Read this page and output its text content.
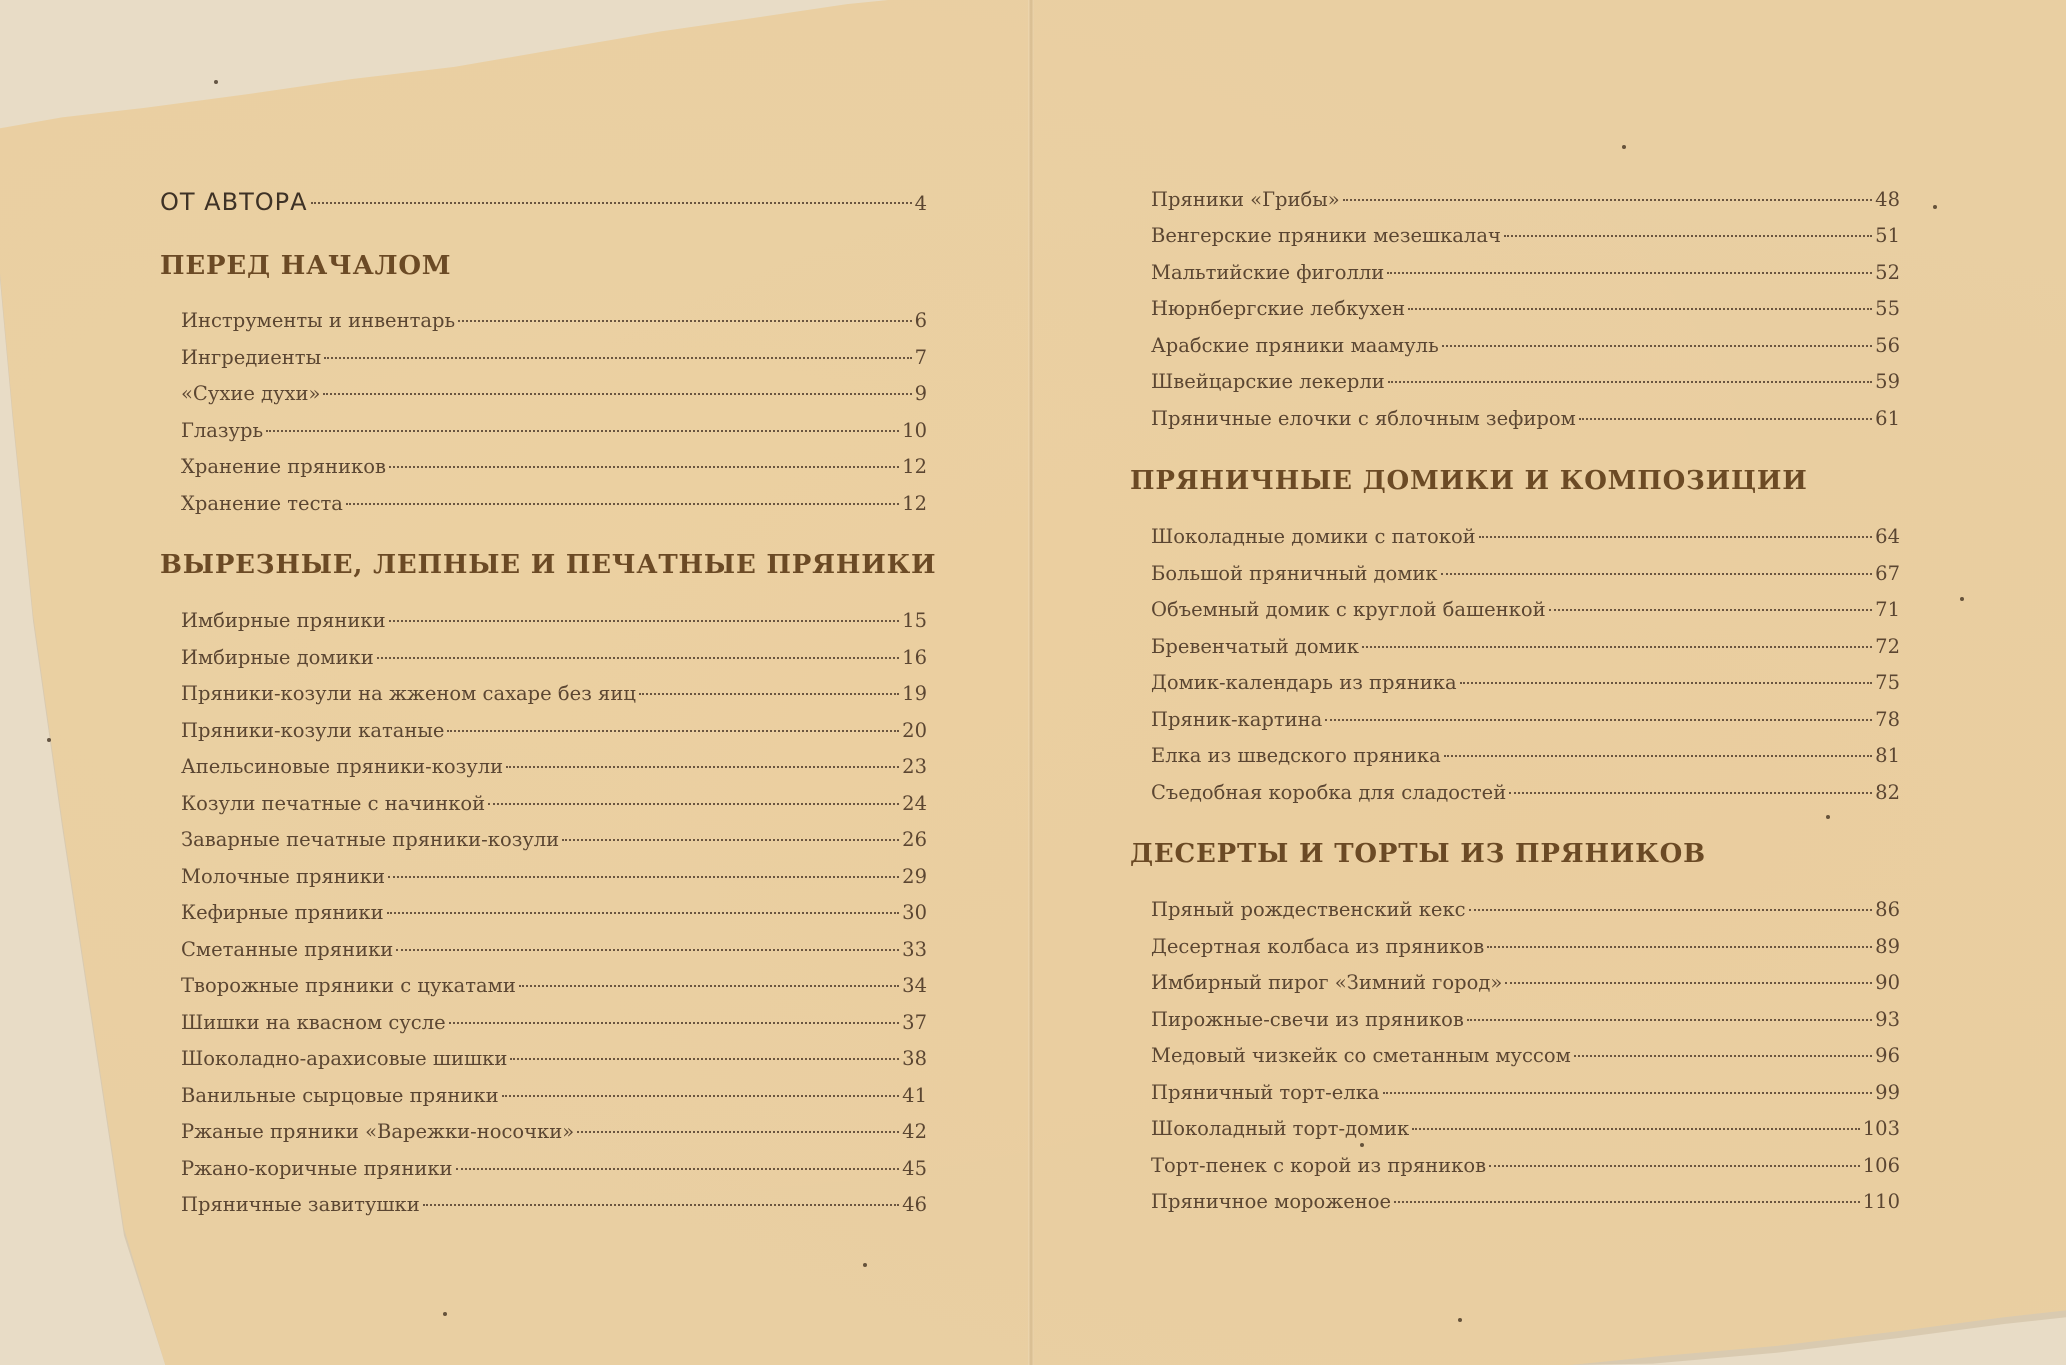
ОТ АВТОРА	4
ПЕРЕД НАЧАЛОМ
Инструменты и инвентарь	6
Ингредиенты	7
«Сухие духи»	9
Глазурь	10
Хранение пряников	12
Хранение теста	12
ВЫРЕЗНЫЕ, ЛЕПНЫЕ И ПЕЧАТНЫЕ ПРЯНИКИ
Имбирные пряники	15
Имбирные домики	16
Пряники-козули на жженом сахаре без яиц	19
Пряники-козули катаные	20
Апельсиновые пряники-козули	23
Козули печатные с начинкой	24
Заварные печатные пряники-козули	26
Молочные пряники	29
Кефирные пряники	30
Сметанные пряники	33
Творожные пряники с цукатами	34
Шишки на квасном сусле	37
Шоколадно-арахисовые шишки	38
Ванильные сырцовые пряники	41
Ржаные пряники «Варежки-носочки»	42
Ржано-коричные пряники	45
Пряничные завитушки	46
Пряники «Грибы»	48
Венгерские пряники мезешкалач	51
Мальтийские фиголли	52
Нюрнбергские лебкухен	55
Арабские пряники маамуль	56
Швейцарские лекерли	59
Пряничные елочки с яблочным зефиром	61
ПРЯНИЧНЫЕ ДОМИКИ И КОМПОЗИЦИИ
Шоколадные домики с патокой	64
Большой пряничный домик	67
Объемный домик с круглой башенкой	71
Бревенчатый домик	72
Домик-календарь из пряника	75
Пряник-картина	78
Елка из шведского пряника	81
Съедобная коробка для сладостей	82
ДЕСЕРТЫ И ТОРТЫ ИЗ ПРЯНИКОВ
Пряный рождественский кекс	86
Десертная колбаса из пряников	89
Имбирный пирог «Зимний город»	90
Пирожные-свечи из пряников	93
Медовый чизкейк со сметанным муссом	96
Пряничный торт-елка	99
Шоколадный торт-домик	103
Торт-пенек с корой из пряников	106
Пряничное мороженое	110
